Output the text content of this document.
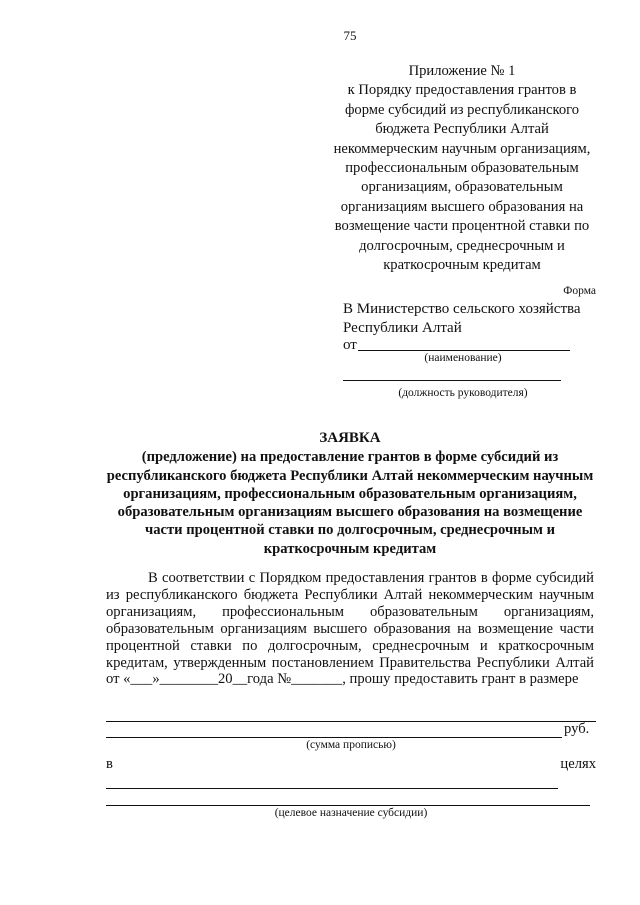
75
Приложение № 1
к Порядку предоставления грантов в форме субсидий из республиканского бюджета Республики Алтай некоммерческим научным организациям, профессиональным образовательным организациям, образовательным организациям высшего образования на возмещение части процентной ставки по долгосрочным, среднесрочным и краткосрочным кредитам
Форма
В Министерство сельского хозяйства
Республики Алтай
от
(наименование)
(должность руководителя)
ЗАЯВКА
(предложение) на предоставление грантов в форме субсидий из республиканского бюджета Республики Алтай некоммерческим научным организациям, профессиональным образовательным организациям, образовательным организациям высшего образования на возмещение части процентной ставки по долгосрочным, среднесрочным и краткосрочным кредитам

В соответствии с Порядком предоставления грантов в форме субсидий из республиканского бюджета Республики Алтай некоммерческим научным организациям, профессиональным образовательным организациям, образовательным организациям высшего образования на возмещение части процентной ставки по долгосрочным, среднесрочным и краткосрочным кредитам, утвержденным постановлением Правительства Республики Алтай от «___»________20__года №_______, прошу предоставить грант в размере

руб.
(сумма прописью)
в	целях
(целевое назначение субсидии)
